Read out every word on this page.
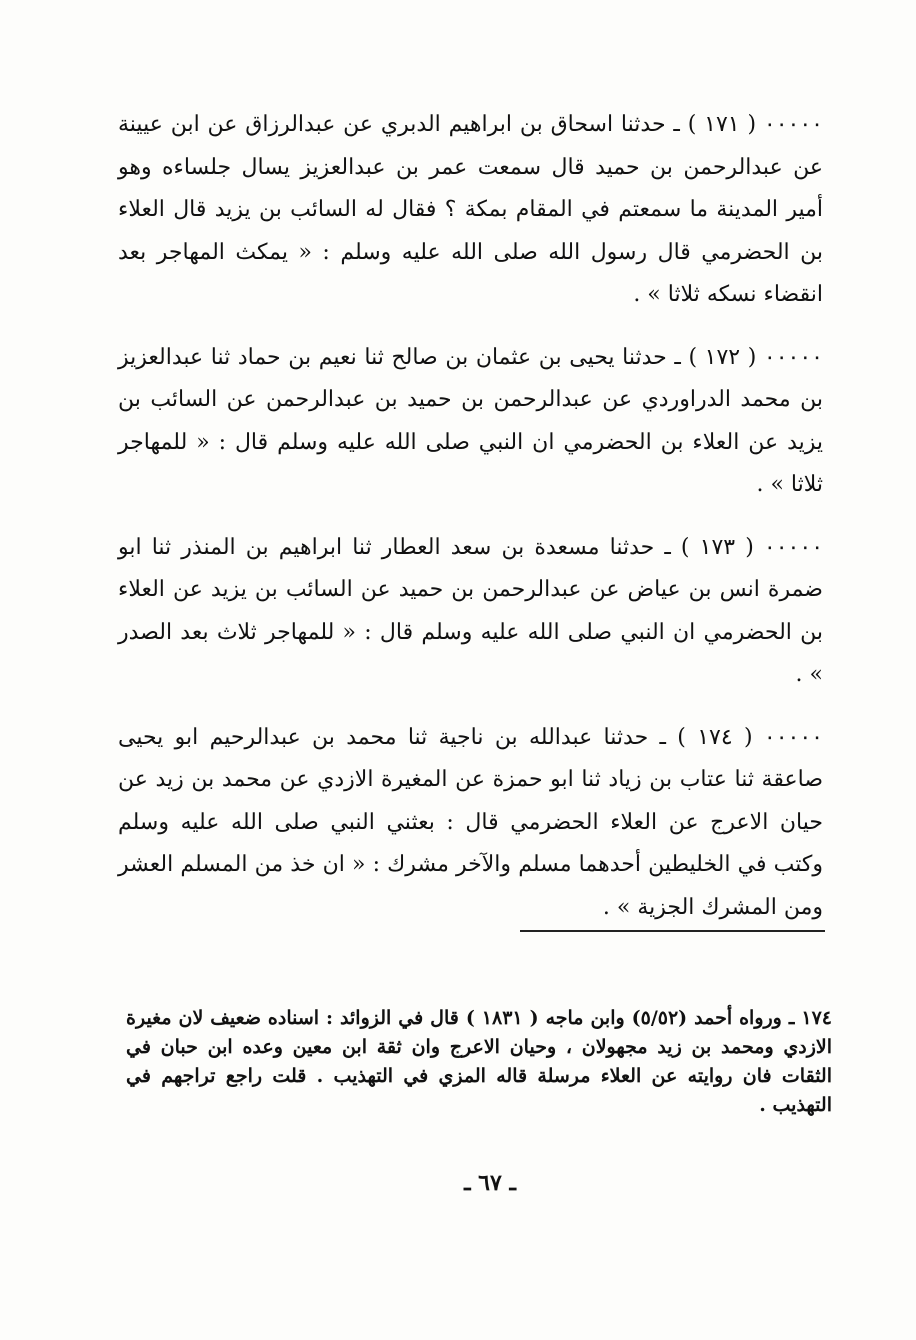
۰۰۰۰۰ ( ١٧١ ) ـ حدثنا اسحاق بن ابراهيم الدبري عن عبدالرزاق عن ابن عيينة عن عبدالرحمن بن حميد قال سمعت عمر بن عبدالعزيز يسال جلساءه وهو أمير المدينة ما سمعتم في المقام بمكة ؟ فقال له السائب بن يزيد قال العلاء بن الحضرمي قال رسول الله صلى الله عليه وسلم : « يمكث المهاجر بعد انقضاء نسكه ثلاثا » .

۰۰۰۰۰ ( ١٧٢ ) ـ حدثنا يحيى بن عثمان بن صالح ثنا نعيم بن حماد ثنا عبدالعزيز بن محمد الدراوردي عن عبدالرحمن بن حميد بن عبدالرحمن عن السائب بن يزيد عن العلاء بن الحضرمي ان النبي صلى الله عليه وسلم قال : « للمهاجر ثلاثا » .

۰۰۰۰۰ ( ١٧٣ ) ـ حدثنا مسعدة بن سعد العطار ثنا ابراهيم بن المنذر ثنا ابو ضمرة انس بن عياض عن عبدالرحمن بن حميد عن السائب بن يزيد عن العلاء بن الحضرمي ان النبي صلى الله عليه وسلم قال : « للمهاجر ثلاث بعد الصدر » .

۰۰۰۰۰ ( ١٧٤ ) ـ حدثنا عبدالله بن ناجية ثنا محمد بن عبدالرحيم ابو يحيى صاعقة ثنا عتاب بن زياد ثنا ابو حمزة عن المغيرة الازدي عن محمد بن زيد عن حيان الاعرج عن العلاء الحضرمي قال : بعثني النبي صلى الله عليه وسلم وكتب في الخليطين أحدهما مسلم والآخر مشرك : « ان خذ من المسلم العشر ومن المشرك الجزية » .

١٧٤ ـ ورواه أحمد (٥/٥٢) وابن ماجه ( ١٨٣١ ) قال في الزوائد : اسناده ضعيف لان مغيرة الازدي ومحمد بن زيد مجهولان ، وحيان الاعرج وان ثقة ابن معين وعده ابن حبان في الثقات فان روايته عن العلاء مرسلة قاله المزي في التهذيب . قلت راجع تراجهم في التهذيب .

ـ ٦٧ ـ
